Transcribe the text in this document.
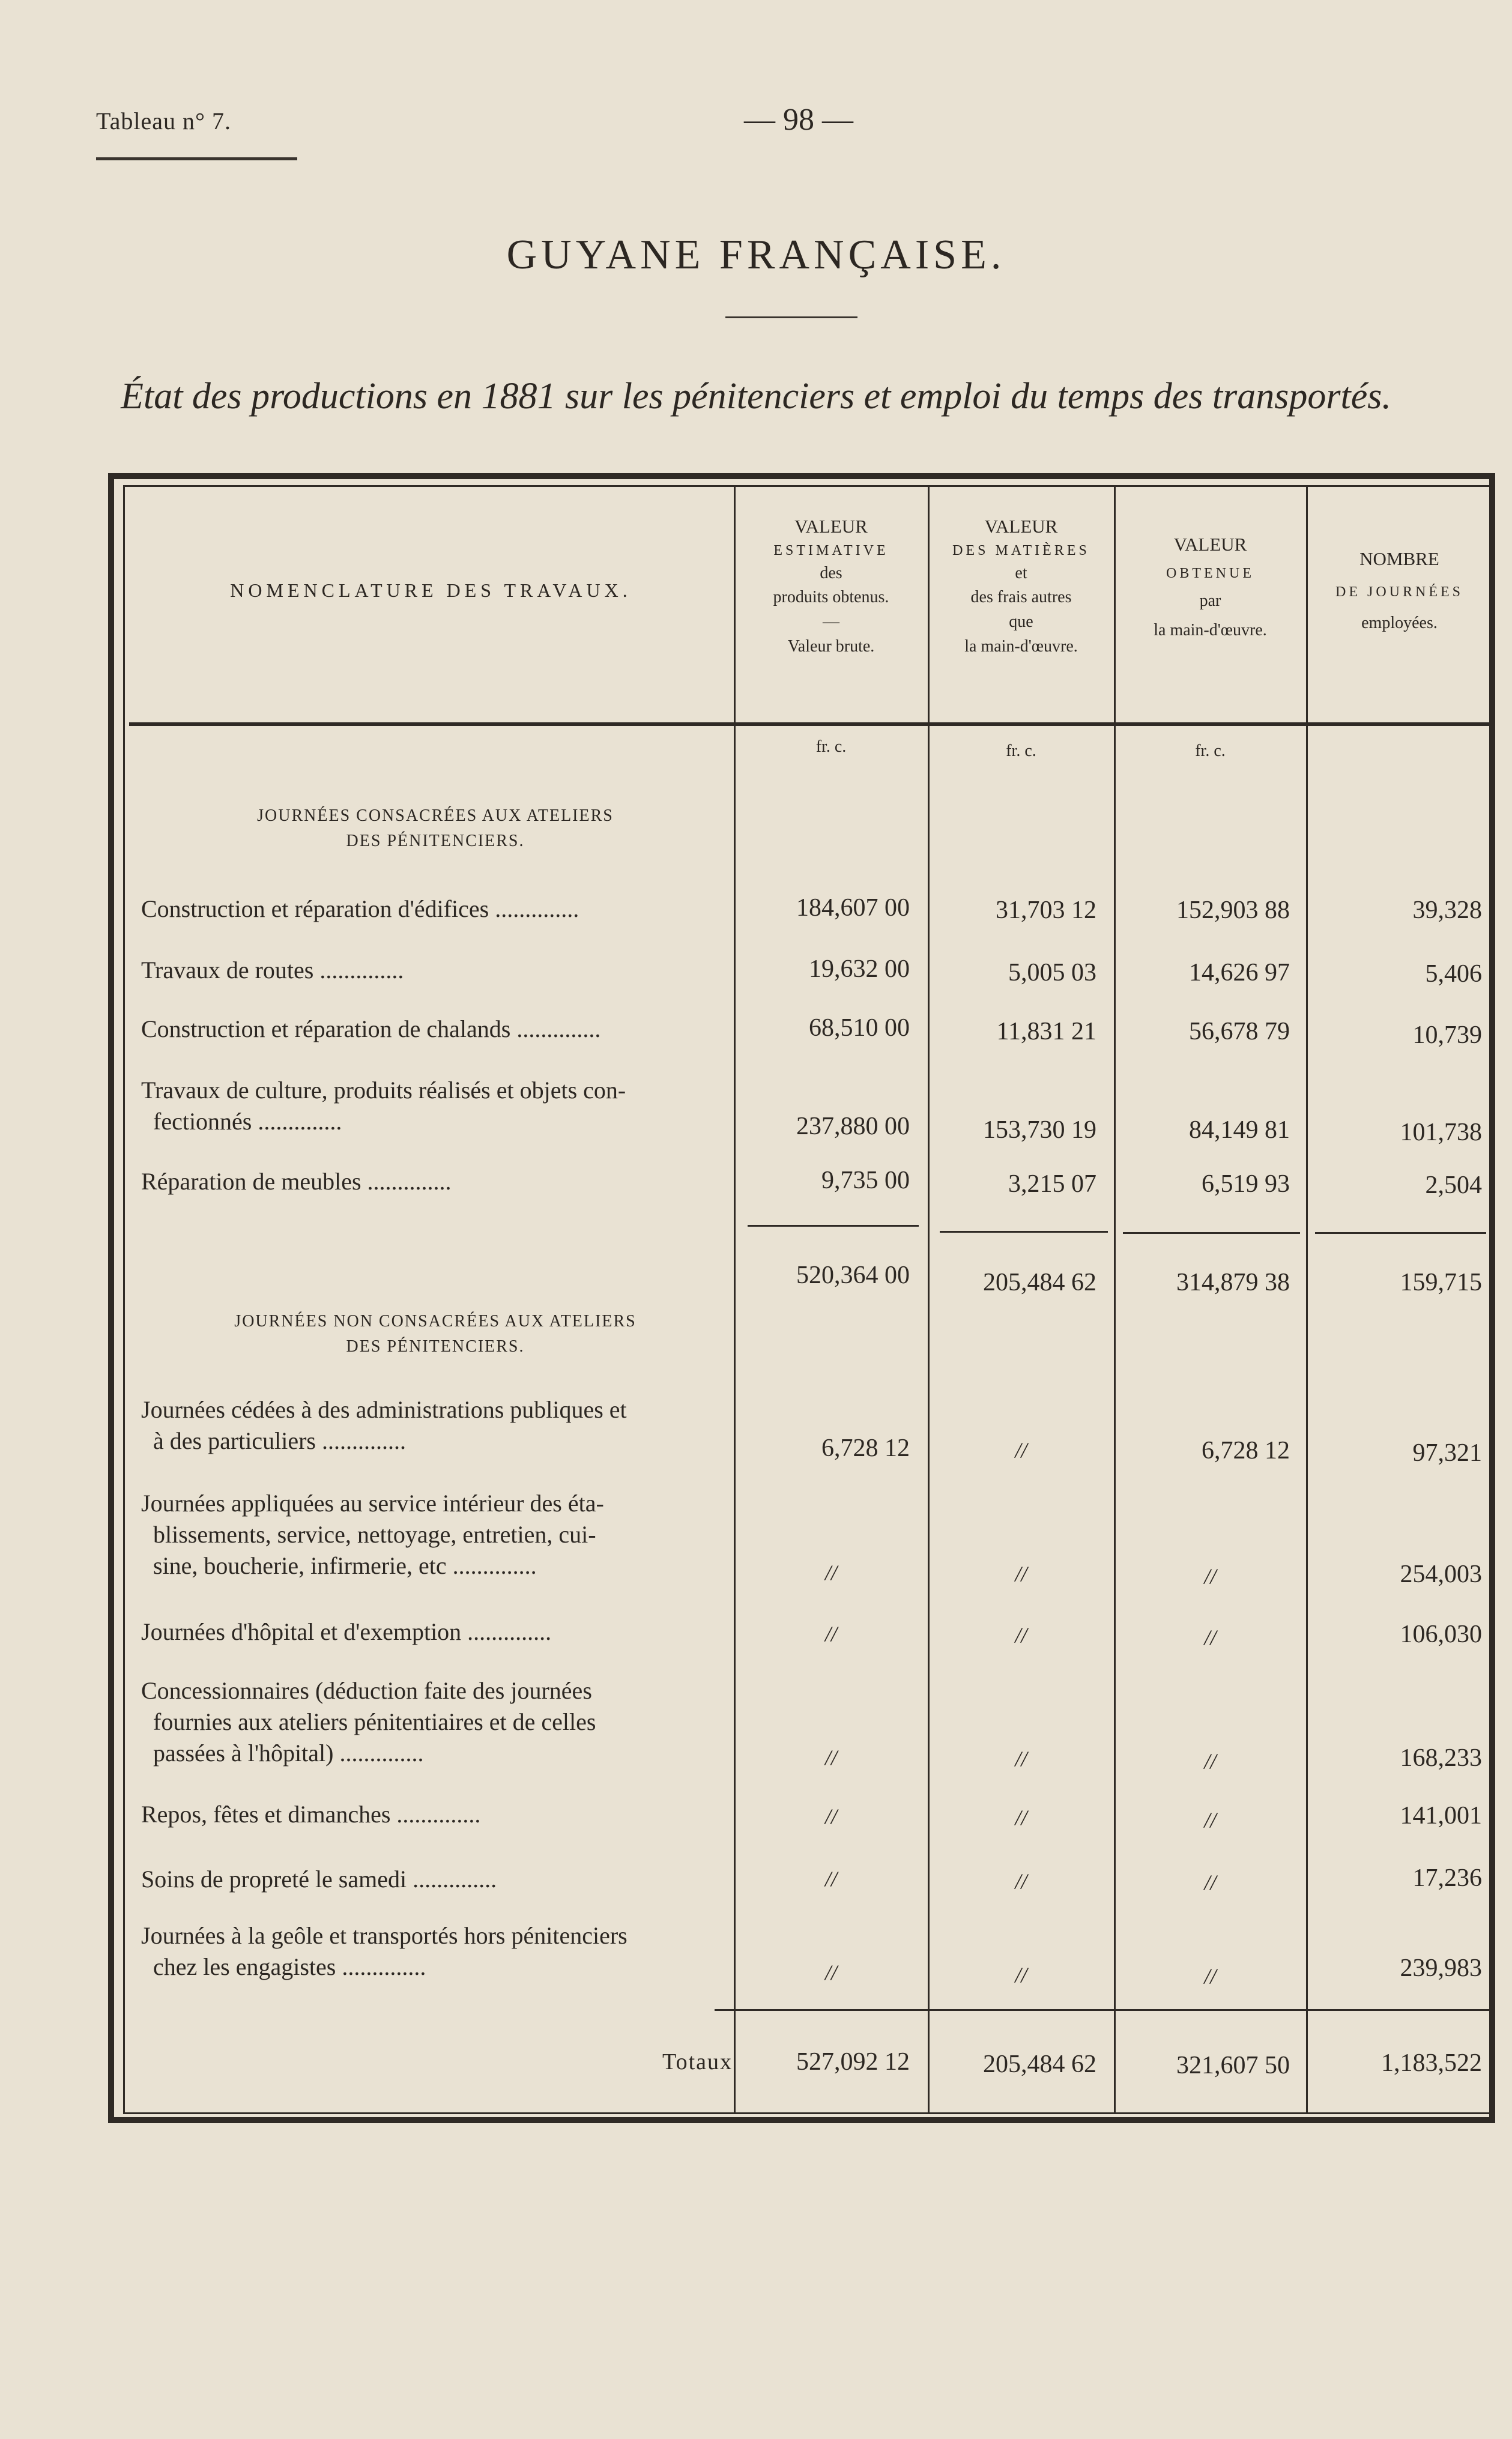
Tableau n° 7.	— 98 —
GUYANE FRANÇAISE.
État des productions en 1881 sur les pénitenciers et emploi du temps des transportés.
NOMENCLATURE DES TRAVAUX.
VALEUR
ESTIMATIVE
des
produits obtenus.
—
Valeur brute.
VALEUR
DES MATIÈRES
et
des frais autres
que
la main-d'œuvre.
VALEUR
OBTENUE
par
la main-d'œuvre.
NOMBRE
DE JOURNÉES
employées.
fr. c.	fr. c.	fr. c.
JOURNÉES CONSACRÉES AUX ATELIERS
DES PÉNITENCIERS.
Construction et réparation d'édifices ..............	184,607 00	31,703 12	152,903 88	39,328
Travaux de routes ..............	19,632 00	5,005 03	14,626 97	5,406
Construction et réparation de chalands ..............	68,510 00	11,831 21	56,678 79	10,739
Travaux de culture, produits réalisés et objets con-
fectionnés ..............	237,880 00	153,730 19	84,149 81	101,738
Réparation de meubles ..............	9,735 00	3,215 07	6,519 93	2,504
520,364 00	205,484 62	314,879 38	159,715
JOURNÉES NON CONSACRÉES AUX ATELIERS
DES PÉNITENCIERS.
Journées cédées à des administrations publiques et
à des particuliers ..............	6,728 12	//	6,728 12	97,321
Journées appliquées au service intérieur des éta-
blissements, service, nettoyage, entretien, cui-
sine, boucherie, infirmerie, etc ..............	//	//	//	254,003
Journées d'hôpital et d'exemption ..............	//	//	//	106,030
Concessionnaires (déduction faite des journées
fournies aux ateliers pénitentiaires et de celles
passées à l'hôpital) ..............	//	//	//	168,233
Repos, fêtes et dimanches ..............	//	//	//	141,001
Soins de propreté le samedi ..............	//	//	//	17,236
Journées à la geôle et transportés hors pénitenciers
chez les engagistes ..............	//	//	//	239,983
Totaux	527,092 12	205,484 62	321,607 50	1,183,522
